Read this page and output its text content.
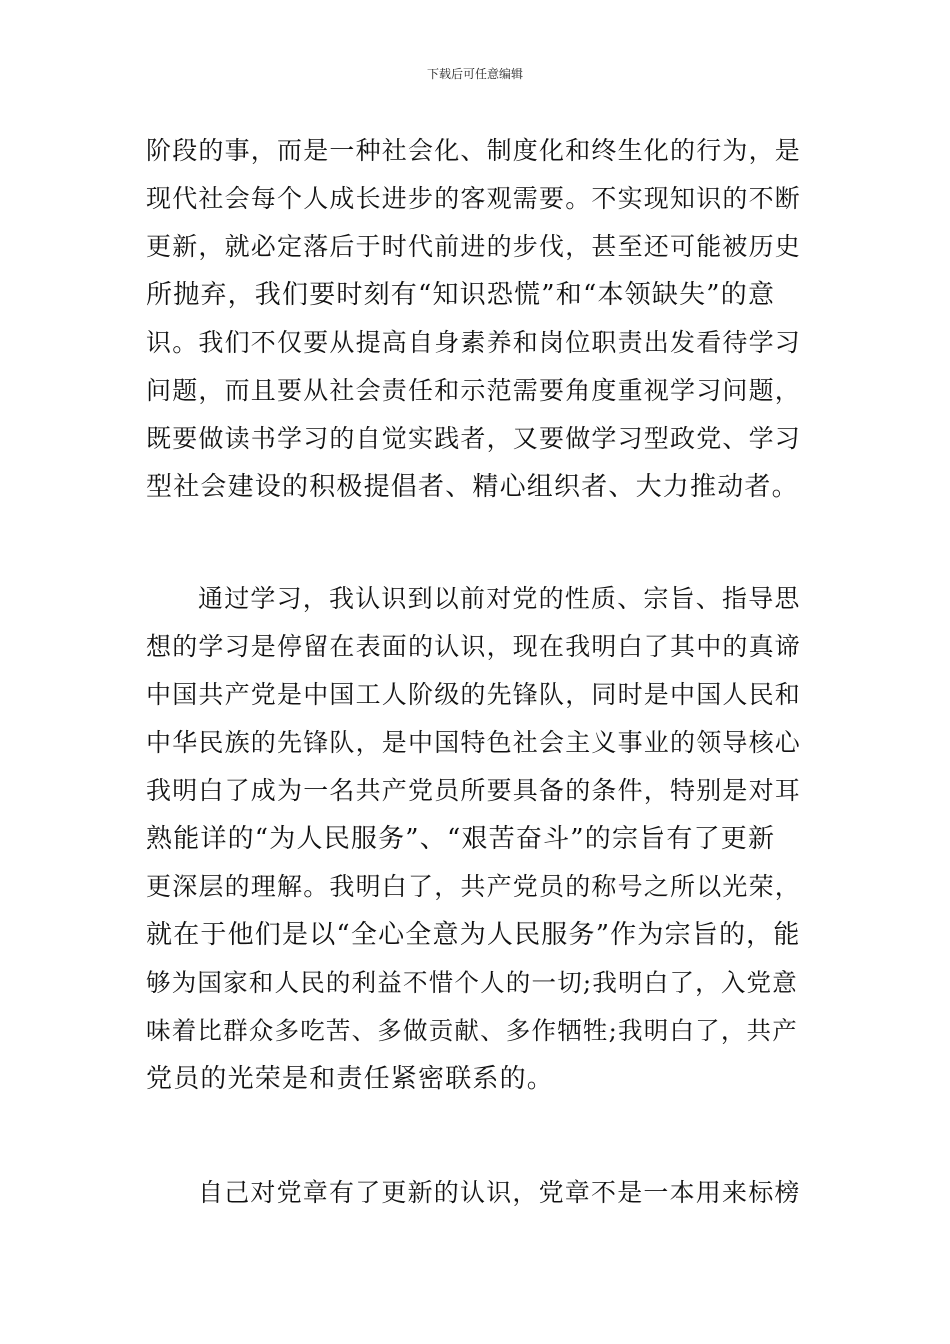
下载后可任意编辑
阶段的事，而是一种社会化、制度化和终生化的行为，是
现代社会每个人成长进步的客观需要。不实现知识的不断
更新，就必定落后于时代前进的步伐，甚至还可能被历史
所抛弃，我们要时刻有“知识恐慌”和“本领缺失”的意
识。我们不仅要从提高自身素养和岗位职责出发看待学习
问题，而且要从社会责任和示范需要角度重视学习问题，
既要做读书学习的自觉实践者，又要做学习型政党、学习
型社会建设的积极提倡者、精心组织者、大力推动者。
通过学习，我认识到以前对党的性质、宗旨、指导思
想的学习是停留在表面的认识，现在我明白了其中的真谛
中国共产党是中国工人阶级的先锋队，同时是中国人民和
中华民族的先锋队，是中国特色社会主义事业的领导核心
我明白了成为一名共产党员所要具备的条件，特别是对耳
熟能详的“为人民服务”、“艰苦奋斗”的宗旨有了更新
更深层的理解。我明白了，共产党员的称号之所以光荣，
就在于他们是以“全心全意为人民服务”作为宗旨的，能
够为国家和人民的利益不惜个人的一切;我明白了，入党意
味着比群众多吃苦、多做贡献、多作牺牲;我明白了，共产
党员的光荣是和责任紧密联系的。
自己对党章有了更新的认识，党章不是一本用来标榜
